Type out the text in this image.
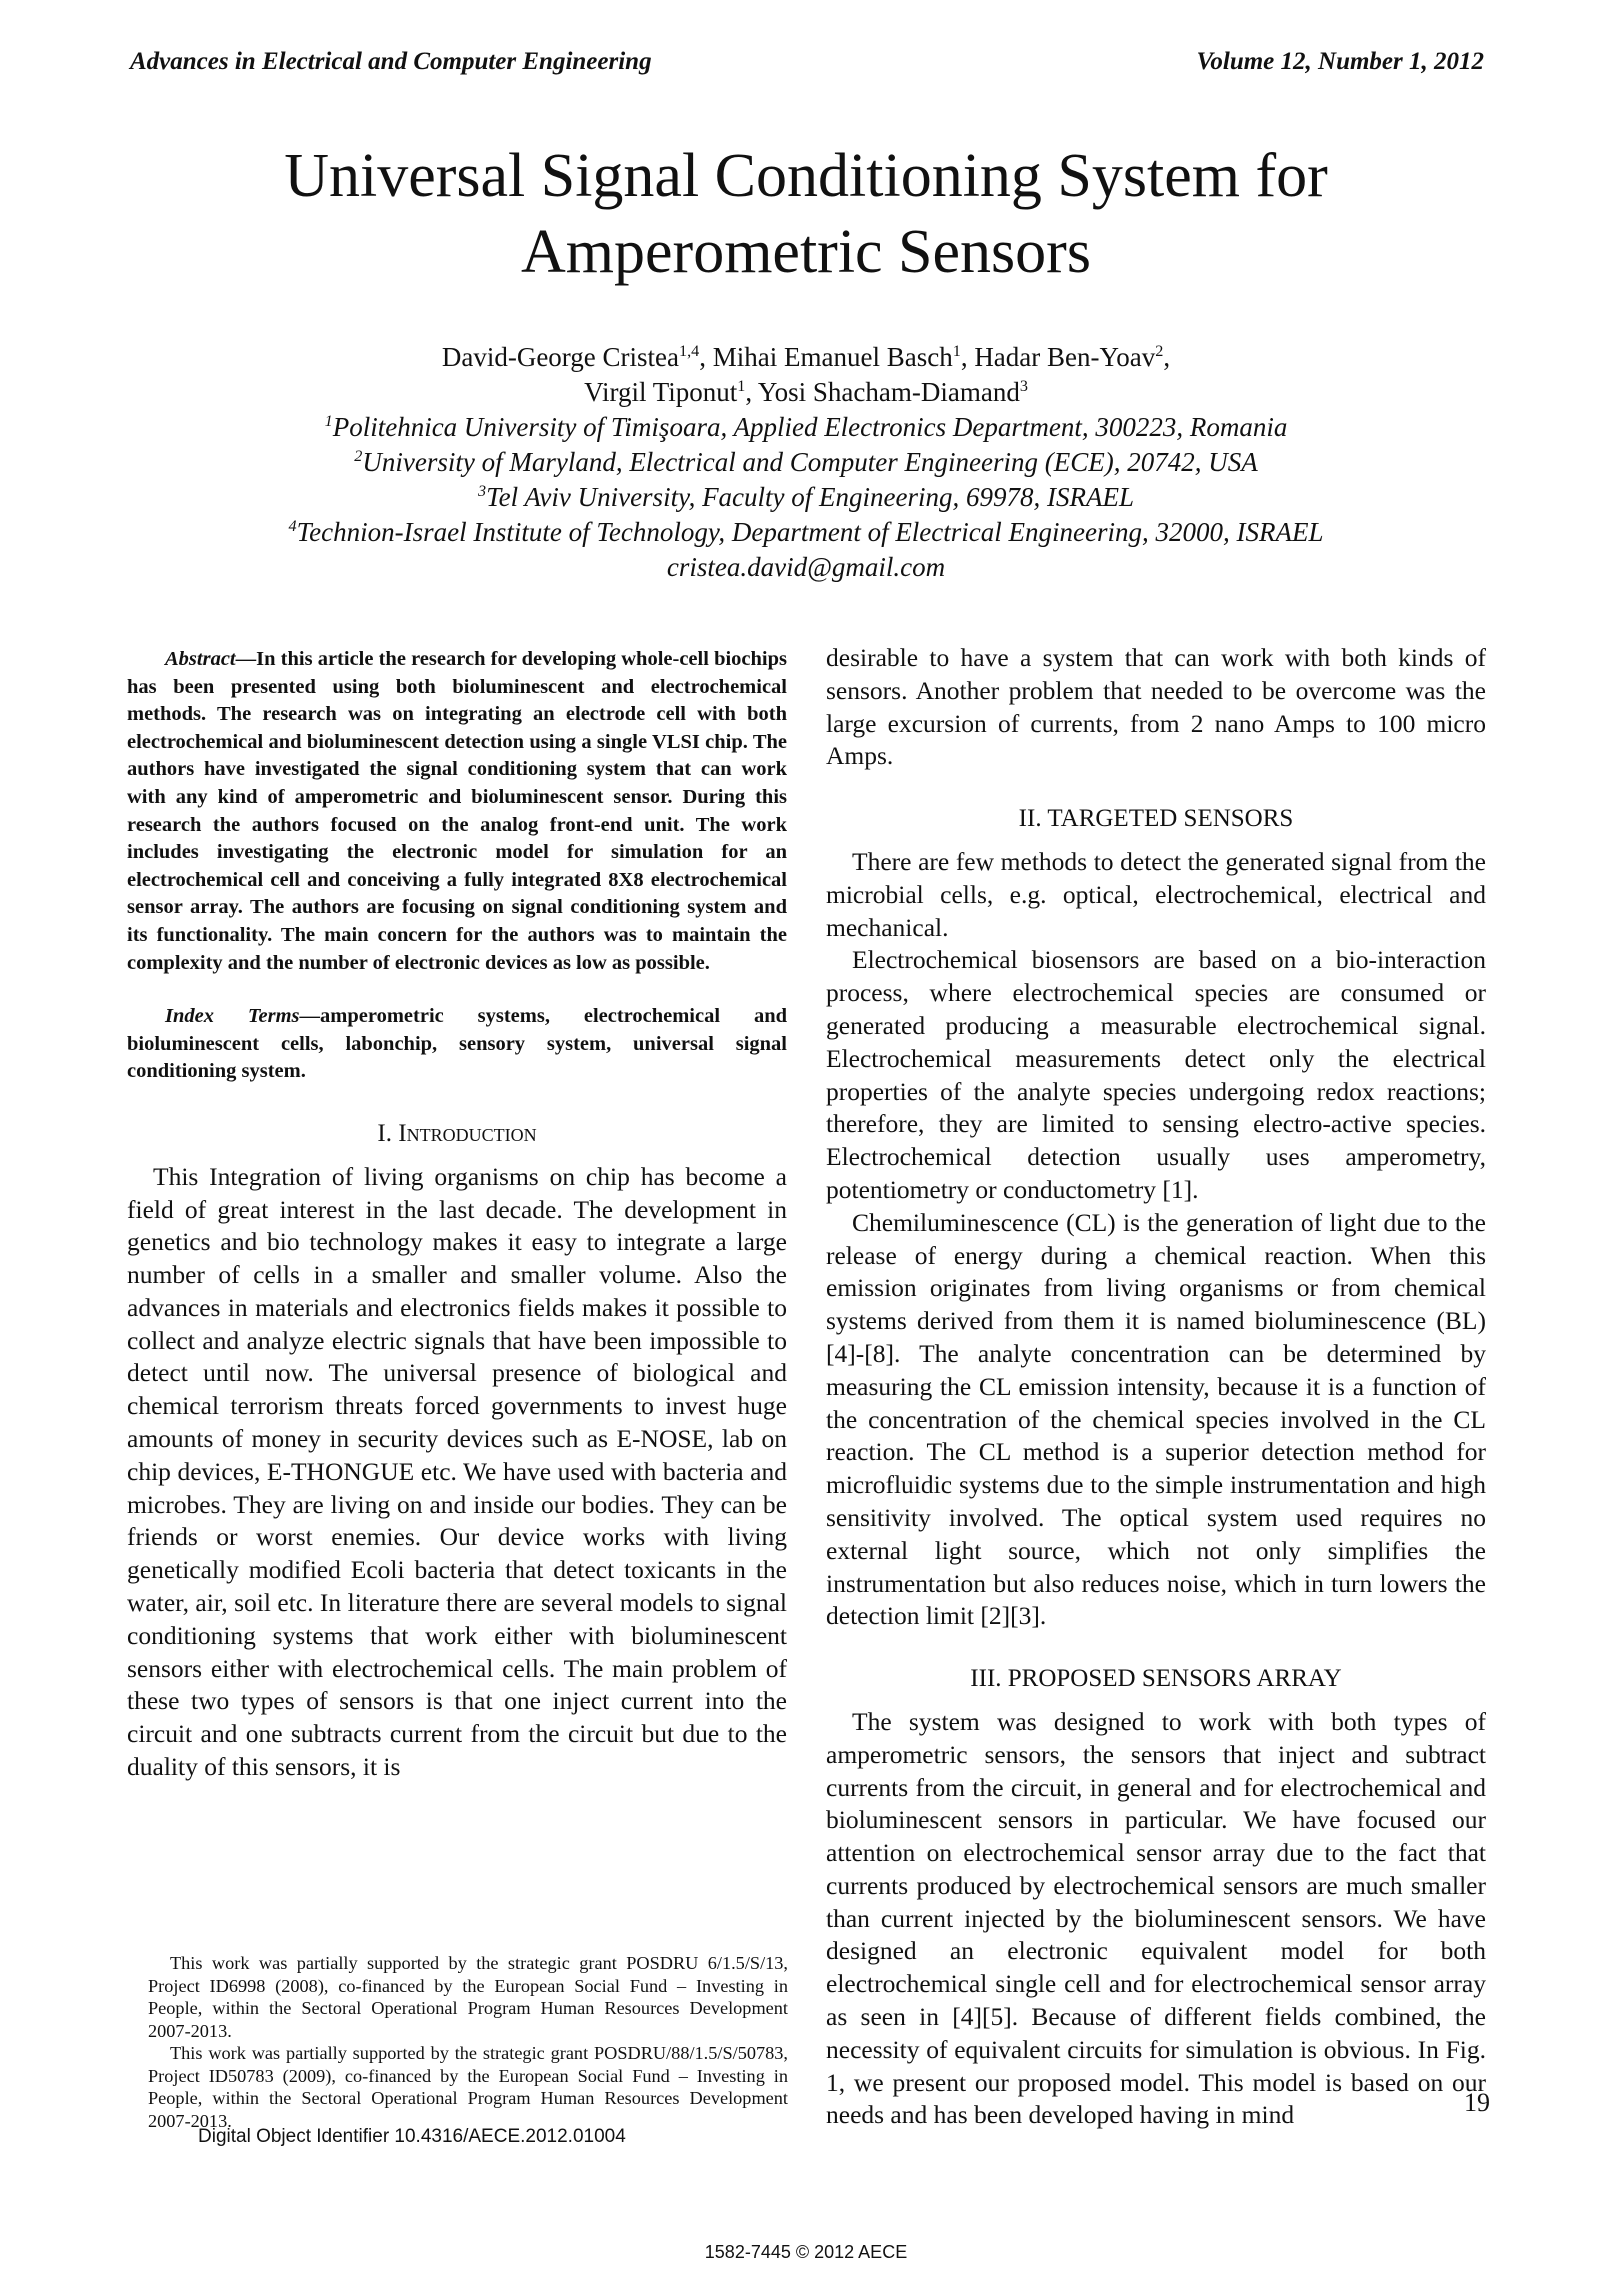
Advances in Electrical and Computer Engineering	Volume 12, Number 1, 2012
Universal Signal Conditioning System for
Amperometric Sensors
David-George Cristea$^{1,4}$, Mihai Emanuel Basch$^1$, Hadar Ben-Yoav$^2$,
Virgil Tiponut$^1$, Yosi Shacham-Diamand$^3$
$^1$Politehnica University of Timişoara, Applied Electronics Department, 300223, Romania
$^2$University of Maryland, Electrical and Computer Engineering (ECE), 20742, USA
$^3$Tel Aviv University, Faculty of Engineering, 69978, ISRAEL
$^4$Technion-Israel Institute of Technology, Department of Electrical Engineering, 32000, ISRAEL
cristea.david@gmail.com

Abstract—In this article the research for developing whole-cell biochips has been presented using both bioluminescent and electrochemical methods. The research was on integrating an electrode cell with both electrochemical and bioluminescent detection using a single VLSI chip. The authors have investigated the signal conditioning system that can work with any kind of amperometric and bioluminescent sensor. During this research the authors focused on the analog front-end unit. The work includes investigating the electronic model for simulation for an electrochemical cell and conceiving a fully integrated 8X8 electrochemical sensor array. The authors are focusing on signal conditioning system and its functionality. The main concern for the authors was to maintain the complexity and the number of electronic devices as low as possible.

Index Terms—amperometric systems, electrochemical and bioluminescent cells, labonchip, sensory system, universal signal conditioning system.

I. Introduction

This Integration of living organisms on chip has become a field of great interest in the last decade. The development in genetics and bio technology makes it easy to integrate a large number of cells in a smaller and smaller volume. Also the advances in materials and electronics fields makes it possible to collect and analyze electric signals that have been impossible to detect until now. The universal presence of biological and chemical terrorism threats forced governments to invest huge amounts of money in security devices such as E-NOSE, lab on chip devices, E-THONGUE etc. We have used with bacteria and microbes. They are living on and inside our bodies. They can be friends or worst enemies. Our device works with living genetically modified Ecoli bacteria that detect toxicants in the water, air, soil etc. In literature there are several models to signal conditioning systems that work either with bioluminescent sensors either with electrochemical cells. The main problem of these two types of sensors is that one inject current into the circuit and one subtracts current from the circuit but due to the duality of this sensors, it is

This work was partially supported by the strategic grant POSDRU 6/1.5/S/13, Project ID6998 (2008), co-financed by the European Social Fund – Investing in People, within the Sectoral Operational Program Human Resources Development 2007-2013.

This work was partially supported by the strategic grant POSDRU/88/1.5/S/50783, Project ID50783 (2009), co-financed by the European Social Fund – Investing in People, within the Sectoral Operational Program Human Resources Development 2007-2013.

Digital Object Identifier 10.4316/AECE.2012.01004

desirable to have a system that can work with both kinds of sensors. Another problem that needed to be overcome was the large excursion of currents, from 2 nano Amps to 100 micro Amps.

II. TARGETED SENSORS

There are few methods to detect the generated signal from the microbial cells, e.g. optical, electrochemical, electrical and mechanical.

Electrochemical biosensors are based on a bio-interaction process, where electrochemical species are consumed or generated producing a measurable electrochemical signal. Electrochemical measurements detect only the electrical properties of the analyte species undergoing redox reactions; therefore, they are limited to sensing electro-active species. Electrochemical detection usually uses amperometry, potentiometry or conductometry [1].

Chemiluminescence (CL) is the generation of light due to the release of energy during a chemical reaction. When this emission originates from living organisms or from chemical systems derived from them it is named bioluminescence (BL) [4]-[8]. The analyte concentration can be determined by measuring the CL emission intensity, because it is a function of the concentration of the chemical species involved in the CL reaction. The CL method is a superior detection method for microfluidic systems due to the simple instrumentation and high sensitivity involved. The optical system used requires no external light source, which not only simplifies the instrumentation but also reduces noise, which in turn lowers the detection limit [2][3].

III. PROPOSED SENSORS ARRAY

The system was designed to work with both types of amperometric sensors, the sensors that inject and subtract currents from the circuit, in general and for electrochemical and bioluminescent sensors in particular. We have focused our attention on electrochemical sensor array due to the fact that currents produced by electrochemical sensors are much smaller than current injected by the bioluminescent sensors. We have designed an electronic equivalent model for both electrochemical single cell and for electrochemical sensor array as seen in [4][5]. Because of different fields combined, the necessity of equivalent circuits for simulation is obvious. In Fig. 1, we present our proposed model. This model is based on our needs and has been developed having in mind	19
1582-7445 © 2012 AECE
